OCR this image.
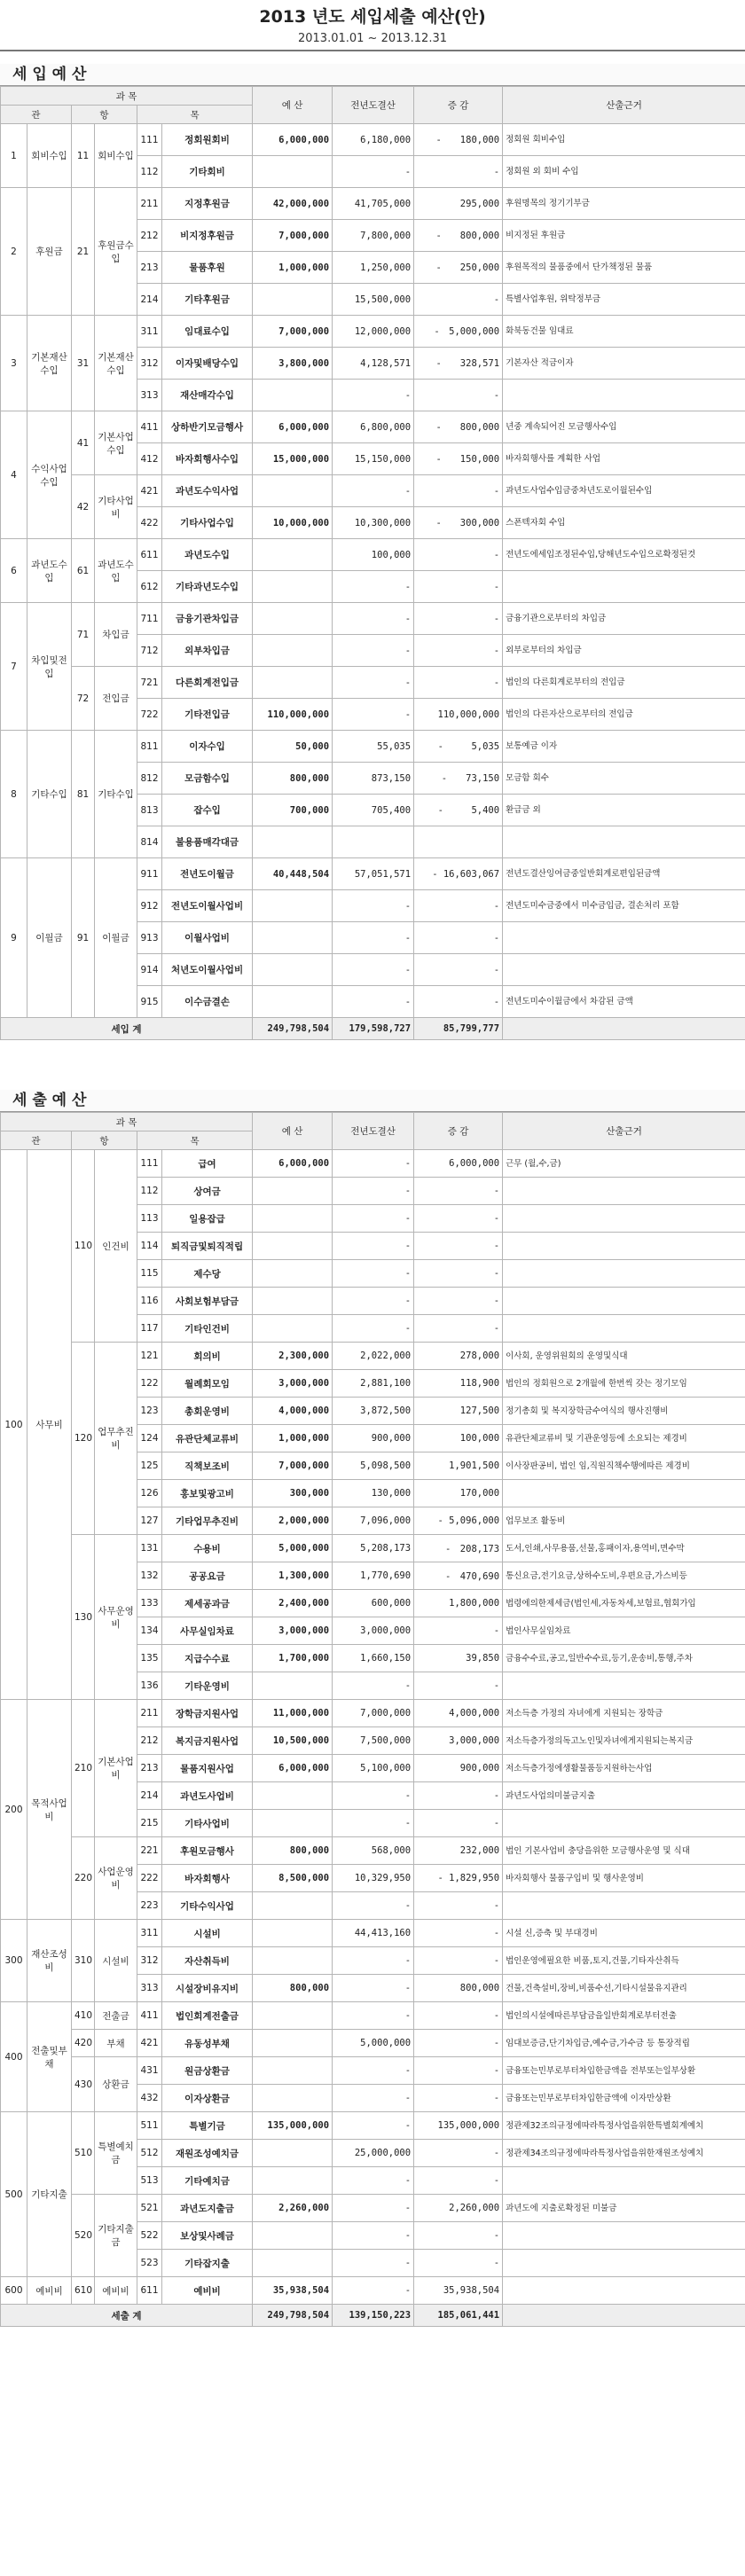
2013 년도 세입세출 예산(안)
2013.01.01 ~ 2013.12.31
세 입 예 산
과 목						예 산	전년도결산	증 감	산출근거
관		항		목					
1	회비수입	11	회비수입	111	정회원회비	6,000,000	6,180,000	-　　180,000	정회원 회비수입
				112	기타회비		-	-	정회원 외 회비 수입
2	후원금	21	후원금수입	211	지정후원금	42,000,000	41,705,000	295,000	후원명목의 정기기부금
				212	비지정후원금	7,000,000	7,800,000	-　　800,000	비지정된 후원금
				213	물품후원	1,000,000	1,250,000	-　　250,000	후원목적의 물품중에서 단가책정된 물품
				214	기타후원금		15,500,000	-	특별사업후원, 위탁정부금
3	기본재산수입	31	기본재산수입	311	임대료수입	7,000,000	12,000,000	-　5,000,000	화북동건물 임대료
				312	이자및배당수입	3,800,000	4,128,571	-　　328,571	기본자산 적금이자
				313	재산매각수입		-	-	
4	수익사업수입	41	기본사업수입	411	상하반기모금행사	6,000,000	6,800,000	-　　800,000	년중 계속되어진 모금행사수입
				412	바자회행사수입	15,000,000	15,150,000	-　　150,000	바자회행사를 계획한 사업
		42	기타사업비	421	과년도수익사업		-	-	과년도사업수입금중차년도로이월된수입
				422	기타사업수입	10,000,000	10,300,000	-　　300,000	스폰텍자회 수입
6	과년도수입	61	과년도수입	611	과년도수입		100,000	-	전년도에세입조정된수입,당해년도수입으로확정된것
				612	기타과년도수입		-	-	
7	차입및전입	71	차입금	711	금융기관차입금		-	-	금융기관으로부터의 차입금
				712	외부차입금		-	-	외부로부터의 차입금
		72	전입금	721	다른회계전입금		-	-	법인의 다른회계로부터의 전입금
				722	기타전입금	110,000,000	-	110,000,000	법인의 다른자산으로부터의 전입금
8	기타수입	81	기타수입	811	이자수입	50,000	55,035	-　　　5,035	보통예금 이자
				812	모금함수입	800,000	873,150	-　　73,150	모금함 회수
				813	잡수입	700,000	705,400	-　　　5,400	환급금 외
				814	불용품매각대금				
9	이월금	91	이월금	911	전년도이월금	40,448,504	57,051,571	- 16,603,067	전년도결산잉여금중일반회계로편입된금액
				912	전년도이월사업비		-	-	전년도미수금중에서 미수금입금, 결손처리 포함
				913	이월사업비		-	-	
				914	처년도이월사업비		-	-	
				915	이수금결손		-	-	전년도미수이월금에서 차감된 금액
세입 계						249,798,504	179,598,727	85,799,777	
세 출 예 산
과 목						예 산	전년도결산	증 감	산출근거
관		항		목					
100	사무비	110	인건비	111	급여	6,000,000	-	6,000,000	근무 (월,수,금)
				112	상여금		-	-	
				113	일용잡급		-	-	
				114	퇴직금및퇴직적립		-	-	
				115	제수당		-	-	
				116	사회보험부담금		-	-	
				117	기타인건비		-	-	
		120	업무추진비	121	회의비	2,300,000	2,022,000	278,000	이사회, 운영위원회의 운영및식대
				122	월례회모임	3,000,000	2,881,100	118,900	법인의 정회원으로 2개월에 한번씩 갖는 정기모임
				123	총회운영비	4,000,000	3,872,500	127,500	정기총회 및 복지장학금수여식의 행사진행비
				124	유관단체교류비	1,000,000	900,000	100,000	유관단체교류비 및 기관운영등에 소요되는 제경비
				125	직책보조비	7,000,000	5,098,500	1,901,500	이사장판공비, 법인 임,직원직책수행에따른 제경비
				126	홍보및광고비	300,000	130,000	170,000	
				127	기타업무추진비	2,000,000	7,096,000	- 5,096,000	업무보조 활동비
		130	사무운영비	131	수용비	5,000,000	5,208,173	-　208,173	도서,인쇄,사무용품,선물,홍패이자,용역비,면수막
				132	공공요금	1,300,000	1,770,690	-　470,690	통신요금,전기요금,상하수도비,우편요금,가스비등
				133	제세공과금	2,400,000	600,000	1,800,000	법령에의한제세금(법인세,자동차세,보험료,협회가입
				134	사무실임차료	3,000,000	3,000,000	-	법인사무실임차료
				135	지급수수료	1,700,000	1,660,150	39,850	금융수수료,공고,일반수수료,등기,운송비,통행,주차
				136	기타운영비		-	-	
200	목적사업비	210	기본사업비	211	장학금지원사업	11,000,000	7,000,000	4,000,000	저소득층 가정의 자녀에게 지원되는 장학금
				212	복지금지원사업	10,500,000	7,500,000	3,000,000	저소득층가정의독고노인및자녀에게지원되는복지금
				213	물품지원사업	6,000,000	5,100,000	900,000	저소득층가정에생활물품등지원하는사업
				214	과년도사업비		-	-	과년도사업의미불금지출
				215	기타사업비		-	-	
		220	사업운영비	221	후원모금행사	800,000	568,000	232,000	법인 기본사업비 충당을위한 모금행사운영 및 식대
				222	바자회행사	8,500,000	10,329,950	- 1,829,950	바자회행사 물품구입비 및 행사운영비
				223	기타수익사업		-	-	
300	재산조성비	310	시설비	311	시설비		44,413,160	-	시설 신,증축 및 부대경비
				312	자산취득비		-	-	법인운영에필요한 비품,토지,건물,기타자산취득
				313	시설장비유지비	800,000	-	800,000	건물,건축설비,장비,비품수선,기타시설물유지관리
400	전출및부채	410	전출금	411	법인회계전출금		-	-	법인의시설에따른부담금을일반회계로부터전출
		420	부채	421	유동성부채		5,000,000	-	임대보증금,단기차입금,예수금,가수금 등 통장적립
		430	상환금	431	원금상환금		-	-	금융또는민부로부터차입한금액을 전부또는일부상환
				432	이자상환금		-	-	금융또는민부로부터차입한금액에 이자만상환
500	기타지출	510	특별예치금	511	특별기금	135,000,000	-	135,000,000	정관제32조의규정에따라특정사업을위한특별회계예치
				512	재원조성예치금		25,000,000	-	정관제34조의규정에따라특정사업을위한재원조성예치
				513	기타예치금		-	-	
		520	기타지출금	521	과년도지출금	2,260,000	-	2,260,000	과년도에 지출로확정된 미불금
				522	보상및사례금		-	-	
				523	기타잡지출		-	-	
600	예비비	610	예비비	611	예비비	35,938,504	-	35,938,504	
세출 계						249,798,504	139,150,223	185,061,441	
